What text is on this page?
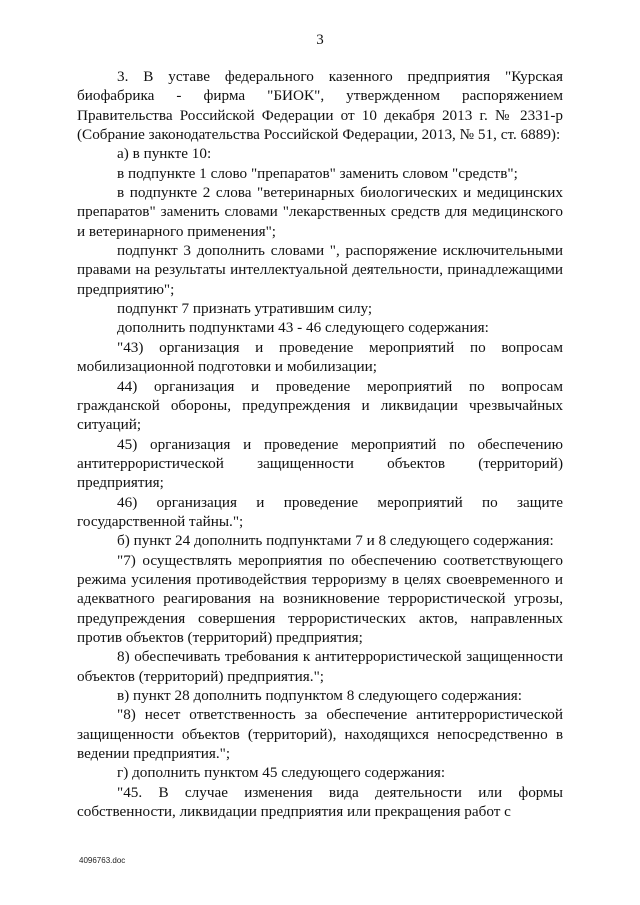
3

3. В уставе федерального казенного предприятия "Курская биофабрика - фирма "БИОК", утвержденном распоряжением Правительства Российской Федерации от 10 декабря 2013 г. № 2331-р (Собрание законодательства Российской Федерации, 2013, № 51, ст. 6889):

а) в пункте 10:

в подпункте 1 слово "препаратов" заменить словом "средств";

в подпункте 2 слова "ветеринарных биологических и медицинских препаратов" заменить словами "лекарственных средств для медицинского и ветеринарного применения";

подпункт 3 дополнить словами ", распоряжение исключительными правами на результаты интеллектуальной деятельности, принадлежащими предприятию";

подпункт 7 признать утратившим силу;

дополнить подпунктами 43 - 46 следующего содержания:

"43) организация и проведение мероприятий по вопросам мобилизационной подготовки и мобилизации;

44) организация и проведение мероприятий по вопросам гражданской обороны, предупреждения и ликвидации чрезвычайных ситуаций;

45) организация и проведение мероприятий по обеспечению антитеррористической защищенности объектов (территорий) предприятия;

46) организация и проведение мероприятий по защите государственной тайны.";

б) пункт 24 дополнить подпунктами 7 и 8 следующего содержания:

"7) осуществлять мероприятия по обеспечению соответствующего режима усиления противодействия терроризму в целях своевременного и адекватного реагирования на возникновение террористической угрозы, предупреждения совершения террористических актов, направленных против объектов (территорий) предприятия;

8) обеспечивать требования к антитеррористической защищенности объектов (территорий) предприятия.";

в) пункт 28 дополнить подпунктом 8 следующего содержания:

"8) несет ответственность за обеспечение антитеррористической защищенности объектов (территорий), находящихся непосредственно в ведении предприятия.";

г) дополнить пунктом 45 следующего содержания:

"45. В случае изменения вида деятельности или формы собственности, ликвидации предприятия или прекращения работ с

4096763.doc
